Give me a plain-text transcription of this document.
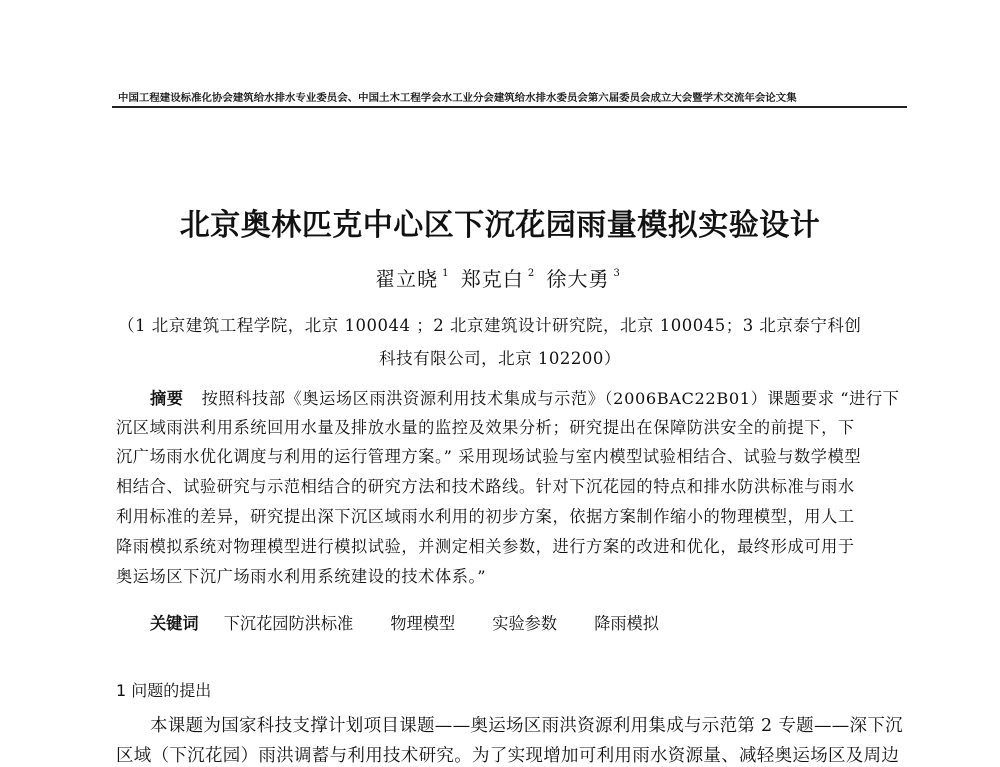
中国工程建设标准化协会建筑给水排水专业委员会、中国土木工程学会水工业分会建筑给水排水委员会第六届委员会成立大会暨学术交流年会论文集
北京奥林匹克中心区下沉花园雨量模拟实验设计
翟立晓 $^1$ 郑克白 $^2$ 徐大勇 $^3$
（1 北京建筑工程学院，北京 100044 ；2 北京建筑设计研究院，北京 100045；3 北京泰宁科创
科技有限公司，北京 102200）
摘要 按照科技部《奥运场区雨洪资源利用技术集成与示范》（2006BAC22B01）课题要求 “进行下
沉区域雨洪利用系统回用水量及排放水量的监控及效果分析；研究提出在保障防洪安全的前提下，下
沉广场雨水优化调度与利用的运行管理方案。” 采用现场试验与室内模型试验相结合、试验与数学模型
相结合、试验研究与示范相结合的研究方法和技术路线。针对下沉花园的特点和排水防洪标准与雨水
利用标准的差异，研究提出深下沉区域雨水利用的初步方案，依据方案制作缩小的物理模型，用人工
降雨模拟系统对物理模型进行模拟试验，并测定相关参数，进行方案的改进和优化，最终形成可用于
奥运场区下沉广场雨水利用系统建设的技术体系。”
关键词 下沉花园防洪标准 物理模型 实验参数 降雨模拟
1 问题的提出
本课题为国家科技支撑计划项目课题——奥运场区雨洪资源利用集成与示范第 2 专题——深下沉
区域（下沉花园）雨洪调蓄与利用技术研究。为了实现增加可利用雨水资源量、减轻奥运场区及周边
